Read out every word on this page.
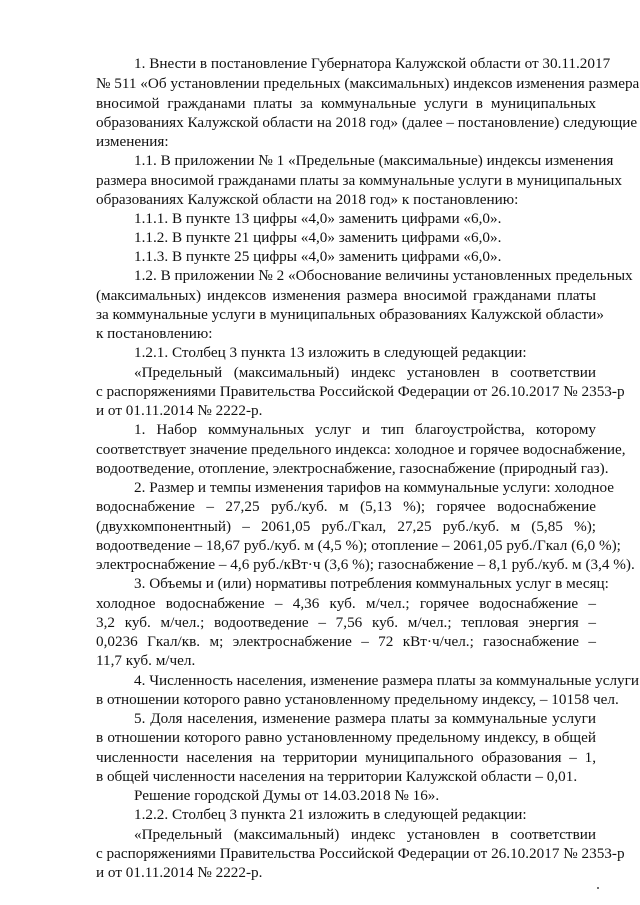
1. Внести в постановление Губернатора Калужской области от 30.11.2017
№ 511 «Об установлении предельных (максимальных) индексов изменения размера
вносимой гражданами платы за коммунальные услуги в муниципальных
образованиях Калужской области на 2018 год» (далее – постановление) следующие
изменения:
1.1. В приложении № 1 «Предельные (максимальные) индексы изменения
размера вносимой гражданами платы за коммунальные услуги в муниципальных
образованиях Калужской области на 2018 год» к постановлению:
1.1.1. В пункте 13 цифры «4,0» заменить цифрами «6,0».
1.1.2. В пункте 21 цифры «4,0» заменить цифрами «6,0».
1.1.3. В пункте 25 цифры «4,0» заменить цифрами «6,0».
1.2. В приложении № 2 «Обоснование величины установленных предельных
(максимальных) индексов изменения размера вносимой гражданами платы
за коммунальные услуги в муниципальных образованиях Калужской области»
к постановлению:
1.2.1. Столбец 3 пункта 13 изложить в следующей редакции:
«Предельный (максимальный) индекс установлен в соответствии
с распоряжениями Правительства Российской Федерации от 26.10.2017 № 2353-р
и от 01.11.2014 № 2222-р.
1. Набор коммунальных услуг и тип благоустройства, которому
соответствует значение предельного индекса: холодное и горячее водоснабжение,
водоотведение, отопление, электроснабжение, газоснабжение (природный газ).
2. Размер и темпы изменения тарифов на коммунальные услуги: холодное
водоснабжение – 27,25 руб./куб. м (5,13 %); горячее водоснабжение
(двухкомпонентный) – 2061,05 руб./Гкал, 27,25 руб./куб. м (5,85 %);
водоотведение – 18,67 руб./куб. м (4,5 %); отопление – 2061,05 руб./Гкал (6,0 %);
электроснабжение – 4,6 руб./кВт·ч (3,6 %); газоснабжение – 8,1 руб./куб. м (3,4 %).
3. Объемы и (или) нормативы потребления коммунальных услуг в месяц:
холодное водоснабжение – 4,36 куб. м/чел.; горячее водоснабжение –
3,2 куб. м/чел.; водоотведение – 7,56 куб. м/чел.; тепловая энергия –
0,0236 Гкал/кв. м; электроснабжение – 72 кВт·ч/чел.; газоснабжение –
11,7 куб. м/чел.
4. Численность населения, изменение размера платы за коммунальные услуги
в отношении которого равно установленному предельному индексу, – 10158 чел.
5. Доля населения, изменение размера платы за коммунальные услуги
в отношении которого равно установленному предельному индексу, в общей
численности населения на территории муниципального образования – 1,
в общей численности населения на территории Калужской области – 0,01.
Решение городской Думы от 14.03.2018 № 16».
1.2.2. Столбец 3 пункта 21 изложить в следующей редакции:
«Предельный (максимальный) индекс установлен в соответствии
с распоряжениями Правительства Российской Федерации от 26.10.2017 № 2353-р
и от 01.11.2014 № 2222-р.
